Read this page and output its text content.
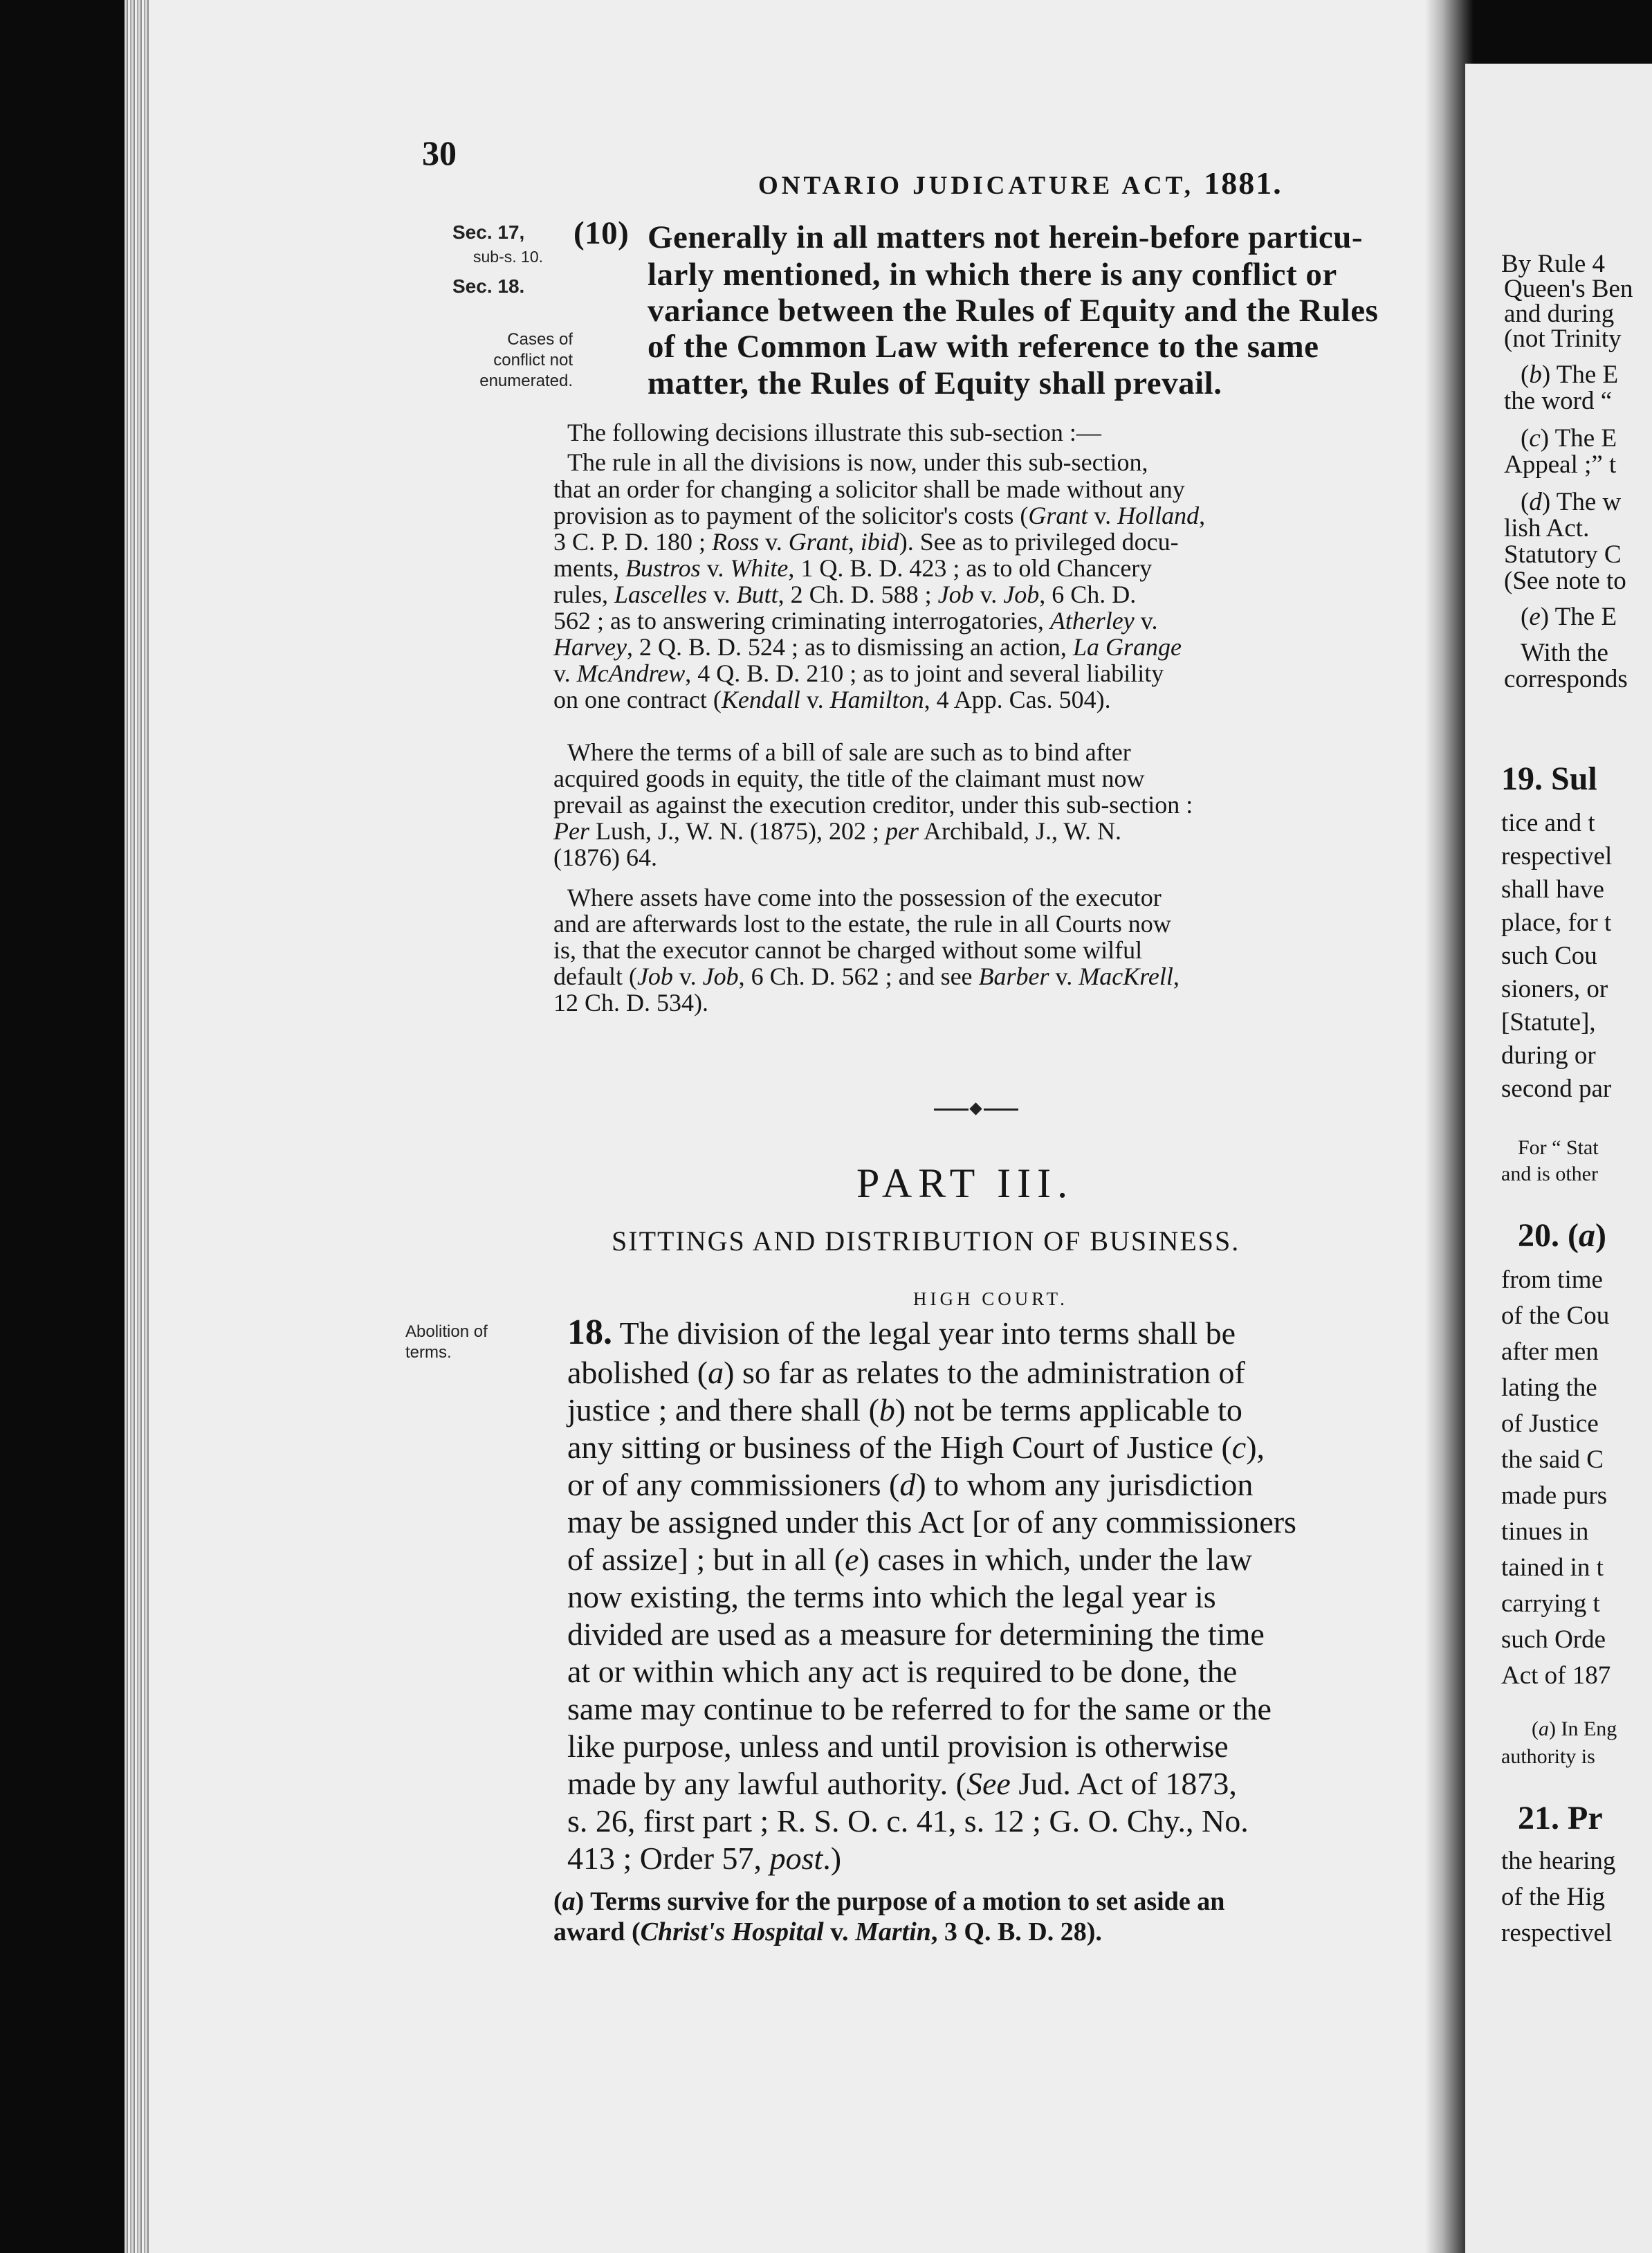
30
ONTARIO JUDICATURE ACT, 1881.
Sec. 17,
sub-s. 10.
Sec. 18.
Cases of
conflict not
enumerated.
(10) Generally in all matters not herein-before particu-
larly mentioned, in which there is any conflict or
variance between the Rules of Equity and the Rules
of the Common Law with reference to the same
matter, the Rules of Equity shall prevail.
The following decisions illustrate this sub-section :—
The rule in all the divisions is now, under this sub-section,
that an order for changing a solicitor shall be made without any
provision as to payment of the solicitor's costs (Grant v. Holland,
3 C. P. D. 180 ; Ross v. Grant, ibid). See as to privileged docu-
ments, Bustros v. White, 1 Q. B. D. 423 ; as to old Chancery
rules, Lascelles v. Butt, 2 Ch. D. 588 ; Job v. Job, 6 Ch. D.
562 ; as to answering criminating interrogatories, Atherley v.
Harvey, 2 Q. B. D. 524 ; as to dismissing an action, La Grange
v. McAndrew, 4 Q. B. D. 210 ; as to joint and several liability
on one contract (Kendall v. Hamilton, 4 App. Cas. 504).
Where the terms of a bill of sale are such as to bind after
acquired goods in equity, the title of the claimant must now
prevail as against the execution creditor, under this sub-section :
Per Lush, J., W. N. (1875), 202 ; per Archibald, J., W. N.
(1876) 64.
Where assets have come into the possession of the executor
and are afterwards lost to the estate, the rule in all Courts now
is, that the executor cannot be charged without some wilful
default (Job v. Job, 6 Ch. D. 562 ; and see Barber v. MacKrell,
12 Ch. D. 534).
PART III.
SITTINGS AND DISTRIBUTION OF BUSINESS.
HIGH COURT.
Abolition of
terms.
18. The division of the legal year into terms shall be
abolished (a) so far as relates to the administration of
justice ; and there shall (b) not be terms applicable to
any sitting or business of the High Court of Justice (c),
or of any commissioners (d) to whom any jurisdiction
may be assigned under this Act [or of any commissioners
of assize] ; but in all (e) cases in which, under the law
now existing, the terms into which the legal year is
divided are used as a measure for determining the time
at or within which any act is required to be done, the
same may continue to be referred to for the same or the
like purpose, unless and until provision is otherwise
made by any lawful authority. (See Jud. Act of 1873,
s. 26, first part ; R. S. O. c. 41, s. 12 ; G. O. Chy., No.
413 ; Order 57, post.)
(a) Terms survive for the purpose of a motion to set aside an
award (Christ's Hospital v. Martin, 3 Q. B. D. 28).
By Rule 4
Queen's Ben
and during
(not Trinity
(b) The E
the word “
(c) The E
Appeal ;” t
(d) The w
lish Act.
Statutory C
(See note to
(e) The E
With the
corresponds
19. Sul
tice and t
respectivel
shall have
place, for t
such Cou
sioners, or
[Statute],
during or
second par
For “ Stat
and is other
20. (a)
from time
of the Cou
after men
lating the
of Justice
the said C
made purs
tinues in
tained in t
carrying t
such Orde
Act of 187
(a) In Eng
authority is
21. Pr
the hearing
of the Hig
respectivel
